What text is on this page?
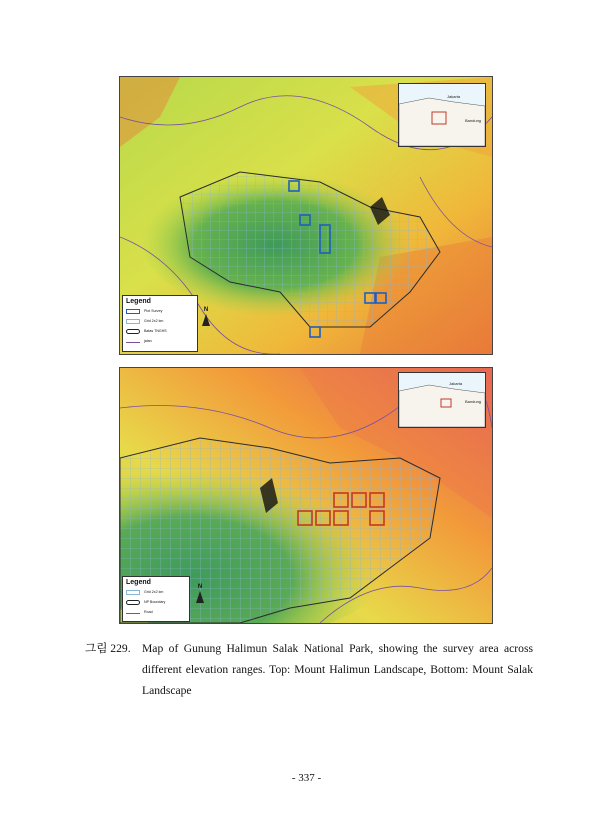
Jakarta
Bandung
Legend
Plot Survey
Grid 2x2 km
Batas TNGHS
jalan
N
Jakarta
Bandung
Legend
Grid 2x2 km
NP Boundary
Road
N
그림 229. Map of Gunung Halimun Salak National Park, showing the survey area across different elevation ranges. Top: Mount Halimun Landscape, Bottom: Mount Salak Landscape
- 337 -
